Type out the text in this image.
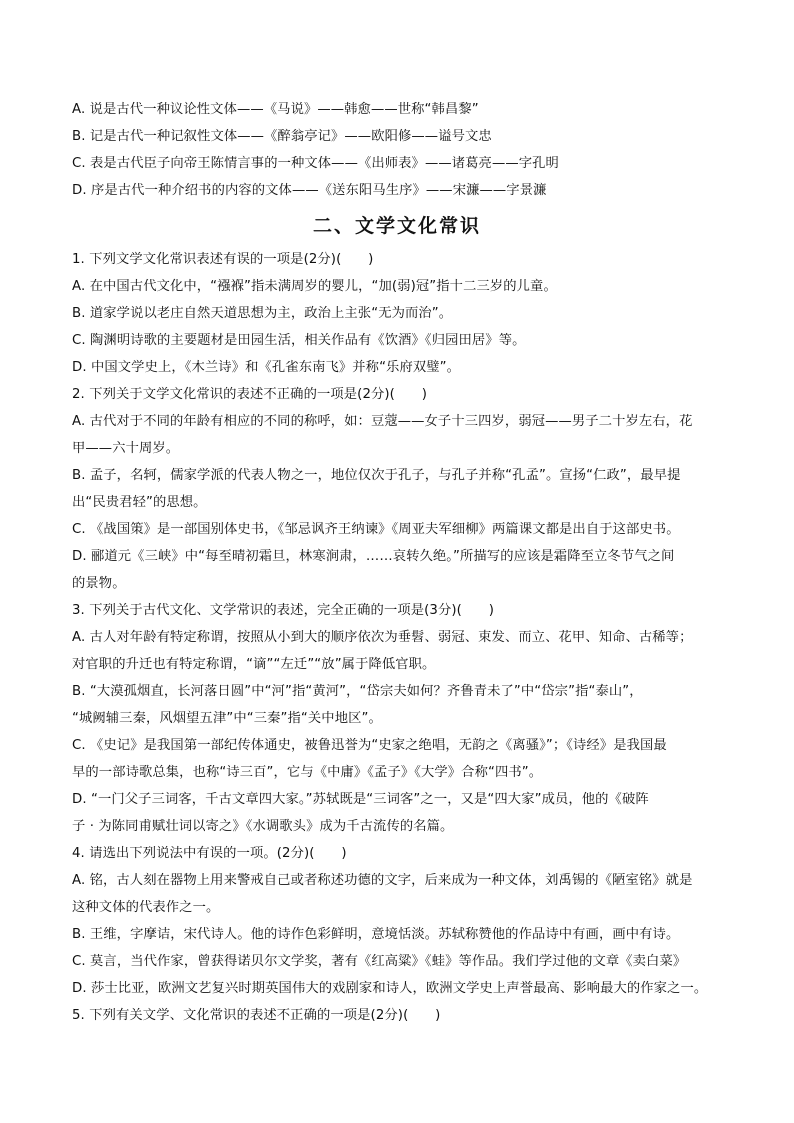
A. 说是古代一种议论性文体——《马说》——韩愈——世称“韩昌黎”
B. 记是古代一种记叙性文体——《醉翁亭记》——欧阳修——谥号文忠
C. 表是古代臣子向帝王陈情言事的一种文体——《出师表》——诸葛亮——字孔明
D. 序是古代一种介绍书的内容的文体——《送东阳马生序》——宋濂——字景濂
二、文学文化常识
1. 下列文学文化常识表述有误的一项是(2分)(　　)
A. 在中国古代文化中，“襁褓”指未满周岁的婴儿，“加(弱)冠”指十二三岁的儿童。
B. 道家学说以老庄自然天道思想为主，政治上主张“无为而治”。
C. 陶渊明诗歌的主要题材是田园生活，相关作品有《饮酒》《归园田居》等。
D. 中国文学史上，《木兰诗》和《孔雀东南飞》并称“乐府双璧”。
2. 下列关于文学文化常识的表述不正确的一项是(2分)(　　)
A. 古代对于不同的年龄有相应的不同的称呼，如：豆蔻——女子十三四岁，弱冠——男子二十岁左右，花
甲——六十周岁。
B. 孟子，名轲，儒家学派的代表人物之一，地位仅次于孔子，与孔子并称“孔孟”。宣扬“仁政”，最早提
出“民贵君轻”的思想。
C. 《战国策》是一部国别体史书，《邹忌讽齐王纳谏》《周亚夫军细柳》两篇课文都是出自于这部史书。
D. 郦道元《三峡》中“每至晴初霜旦，林寒涧肃，……哀转久绝。”所描写的应该是霜降至立冬节气之间
的景物。
3. 下列关于古代文化、文学常识的表述，完全正确的一项是(3分)(　　)
A. 古人对年龄有特定称谓，按照从小到大的顺序依次为垂髫、弱冠、束发、而立、花甲、知命、古稀等；
对官职的升迁也有特定称谓，“谪”“左迁”“放”属于降低官职。
B. “大漠孤烟直，长河落日圆”中“河”指“黄河”，“岱宗夫如何？齐鲁青未了”中“岱宗”指“泰山”，
“城阙辅三秦，风烟望五津”中“三秦”指“关中地区”。
C. 《史记》是我国第一部纪传体通史，被鲁迅誉为“史家之绝唱，无韵之《离骚》”；《诗经》是我国最
早的一部诗歌总集，也称“诗三百”，它与《中庸》《孟子》《大学》合称“四书”。
D. “一门父子三词客，千古文章四大家。”苏轼既是“三词客”之一，又是“四大家”成员，他的《破阵
子 · 为陈同甫赋壮词以寄之》《水调歌头》成为千古流传的名篇。
4. 请选出下列说法中有误的一项。(2分)(　　)
A. 铭，古人刻在器物上用来警戒自己或者称述功德的文字，后来成为一种文体，刘禹锡的《陋室铭》就是
这种文体的代表作之一。
B. 王维，字摩诘，宋代诗人。他的诗作色彩鲜明，意境恬淡。苏轼称赞他的作品诗中有画，画中有诗。
C. 莫言，当代作家，曾获得诺贝尔文学奖，著有《红高粱》《蛙》等作品。我们学过他的文章《卖白菜》
D. 莎士比亚，欧洲文艺复兴时期英国伟大的戏剧家和诗人，欧洲文学史上声誉最高、影响最大的作家之一。
5. 下列有关文学、文化常识的表述不正确的一项是(2分)(　　)
